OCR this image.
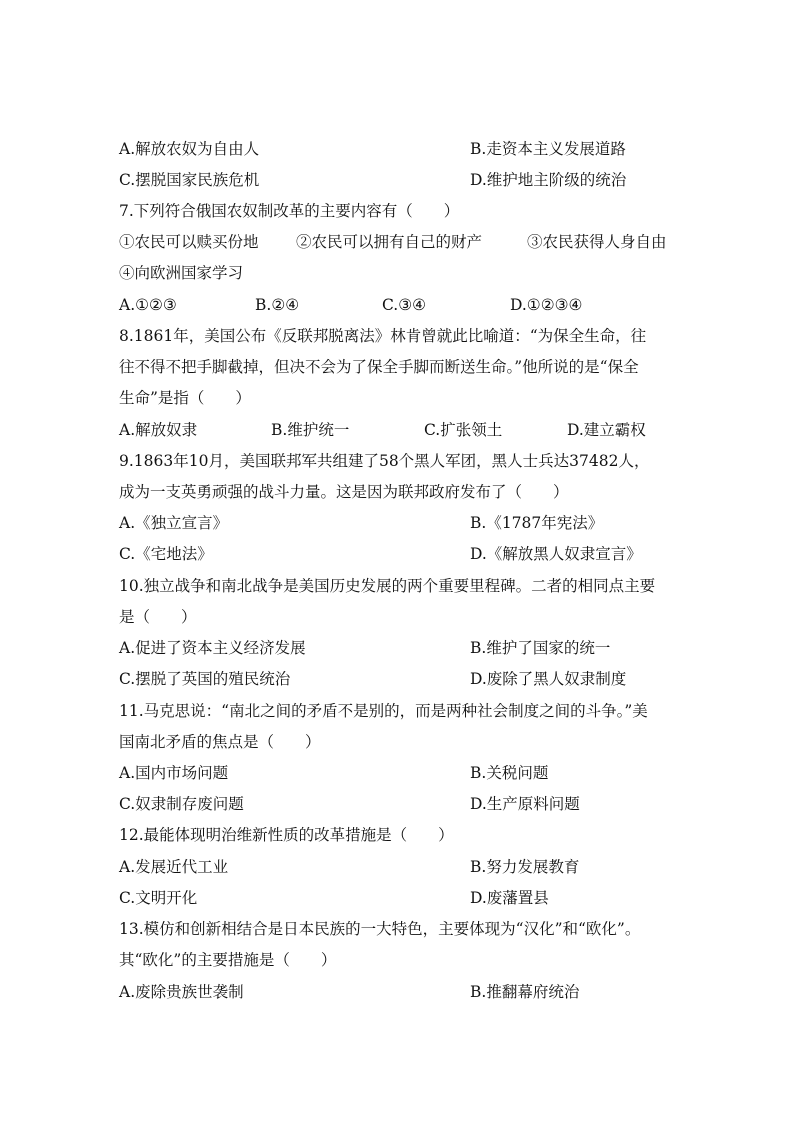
A.解放农奴为自由人	B.走资本主义发展道路
C.摆脱国家民族危机	D.维护地主阶级的统治
7.下列符合俄国农奴制改革的主要内容有（　　）
①农民可以赎买份地 ②农民可以拥有自己的财产	③农民获得人身自由
④向欧洲国家学习
A.①②③	B.②④	C.③④	D.①②③④
8.1861年，美国公布《反联邦脱离法》林肯曾就此比喻道：“为保全生命，往
往不得不把手脚截掉，但决不会为了保全手脚而断送生命。”他所说的是“保全
生命”是指（　　）
A.解放奴隶	B.维护统一	C.扩张领土	D.建立霸权
9.1863年10月，美国联邦军共组建了58个黑人军团，黑人士兵达37482人，
成为一支英勇顽强的战斗力量。这是因为联邦政府发布了（　　）
A.《独立宣言》	B.《1787年宪法》
C.《宅地法》	D.《解放黑人奴隶宣言》
10.独立战争和南北战争是美国历史发展的两个重要里程碑。二者的相同点主要
是（　　）
A.促进了资本主义经济发展	B.维护了国家的统一
C.摆脱了英国的殖民统治	D.废除了黑人奴隶制度
11.马克思说：“南北之间的矛盾不是别的，而是两种社会制度之间的斗争。”美
国南北矛盾的焦点是（　　）
A.国内市场问题	B.关税问题
C.奴隶制存废问题	D.生产原料问题
12.最能体现明治维新性质的改革措施是（　　）
A.发展近代工业	B.努力发展教育
C.文明开化	D.废藩置县
13.模仿和创新相结合是日本民族的一大特色，主要体现为“汉化”和“欧化”。
其“欧化”的主要措施是（　　）
A.废除贵族世袭制	B.推翻幕府统治
